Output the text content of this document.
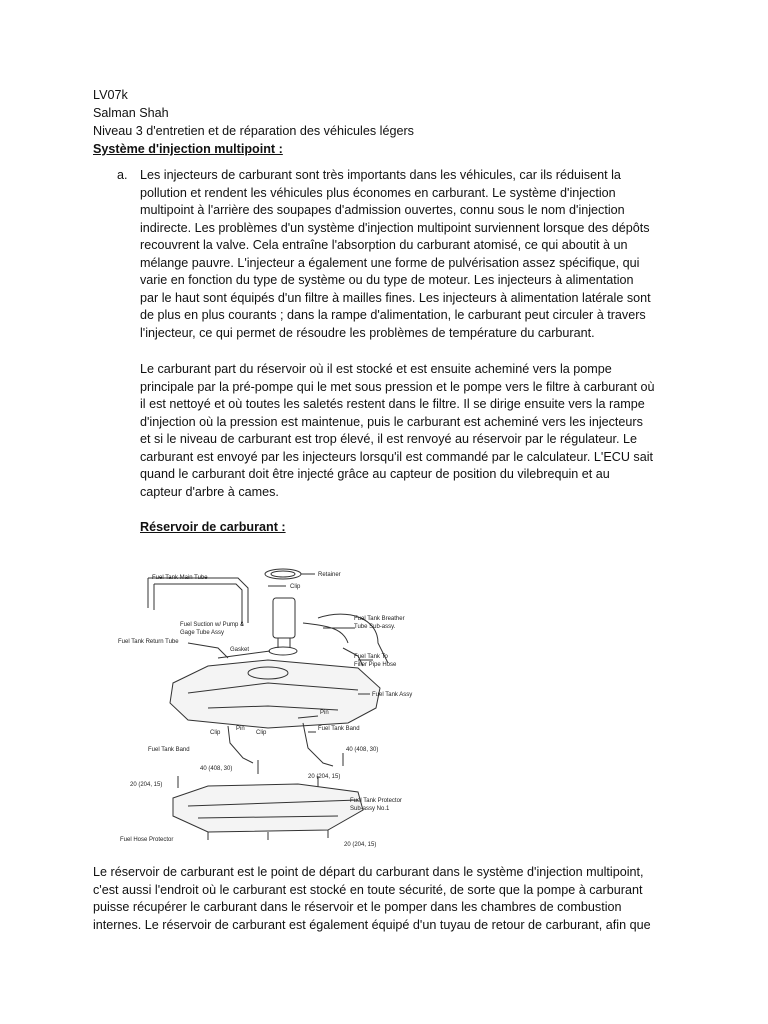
LV07k
Salman Shah
Niveau 3 d'entretien et de réparation des véhicules légers
Système d'injection multipoint :
a. Les injecteurs de carburant sont très importants dans les véhicules, car ils réduisent la
pollution et rendent les véhicules plus économes en carburant. Le système d'injection
multipoint à l'arrière des soupapes d'admission ouvertes, connu sous le nom d'injection
indirecte. Les problèmes d'un système d'injection multipoint surviennent lorsque des dépôts
recouvrent la valve. Cela entraîne l'absorption du carburant atomisé, ce qui aboutit à un
mélange pauvre. L'injecteur a également une forme de pulvérisation assez spécifique, qui
varie en fonction du type de système ou du type de moteur. Les injecteurs à alimentation
par le haut sont équipés d'un filtre à mailles fines. Les injecteurs à alimentation latérale sont
de plus en plus courants ; dans la rampe d'alimentation, le carburant peut circuler à travers
l'injecteur, ce qui permet de résoudre les problèmes de température du carburant.
Le carburant part du réservoir où il est stocké et est ensuite acheminé vers la pompe
principale par la pré-pompe qui le met sous pression et le pompe vers le filtre à carburant où
il est nettoyé et où toutes les saletés restent dans le filtre. Il se dirige ensuite vers la rampe
d'injection où la pression est maintenue, puis le carburant est acheminé vers les injecteurs
et si le niveau de carburant est trop élevé, il est renvoyé au réservoir par le régulateur. Le
carburant est envoyé par les injecteurs lorsqu'il est commandé par le calculateur. L'ECU sait
quand le carburant doit être injecté grâce au capteur de position du vilebrequin et au
capteur d'arbre à cames.
Réservoir de carburant :
Fuel Tank Main Tube	Retainer
Clip
Fuel Suction w/ Pump &
Gage Tube Assy
Fuel Tank Breather
Tube Sub-assy.
Fuel Tank Return Tube
Gasket
Fuel Tank To
Filler Pipe Hose
Fuel Tank Assy
Pin
Fuel Tank Band
Clip
Pin
Clip
Fuel Tank Band	40 (408, 30)
40 (408, 30)
20 (204, 15)
20 (204, 15)
Fuel Tank Protector
Sub-assy No.1
Fuel Hose Protector
20 (204, 15)
Le réservoir de carburant est le point de départ du carburant dans le système d'injection multipoint,
c'est aussi l'endroit où le carburant est stocké en toute sécurité, de sorte que la pompe à carburant
puisse récupérer le carburant dans le réservoir et le pomper dans les chambres de combustion
internes. Le réservoir de carburant est également équipé d'un tuyau de retour de carburant, afin que
